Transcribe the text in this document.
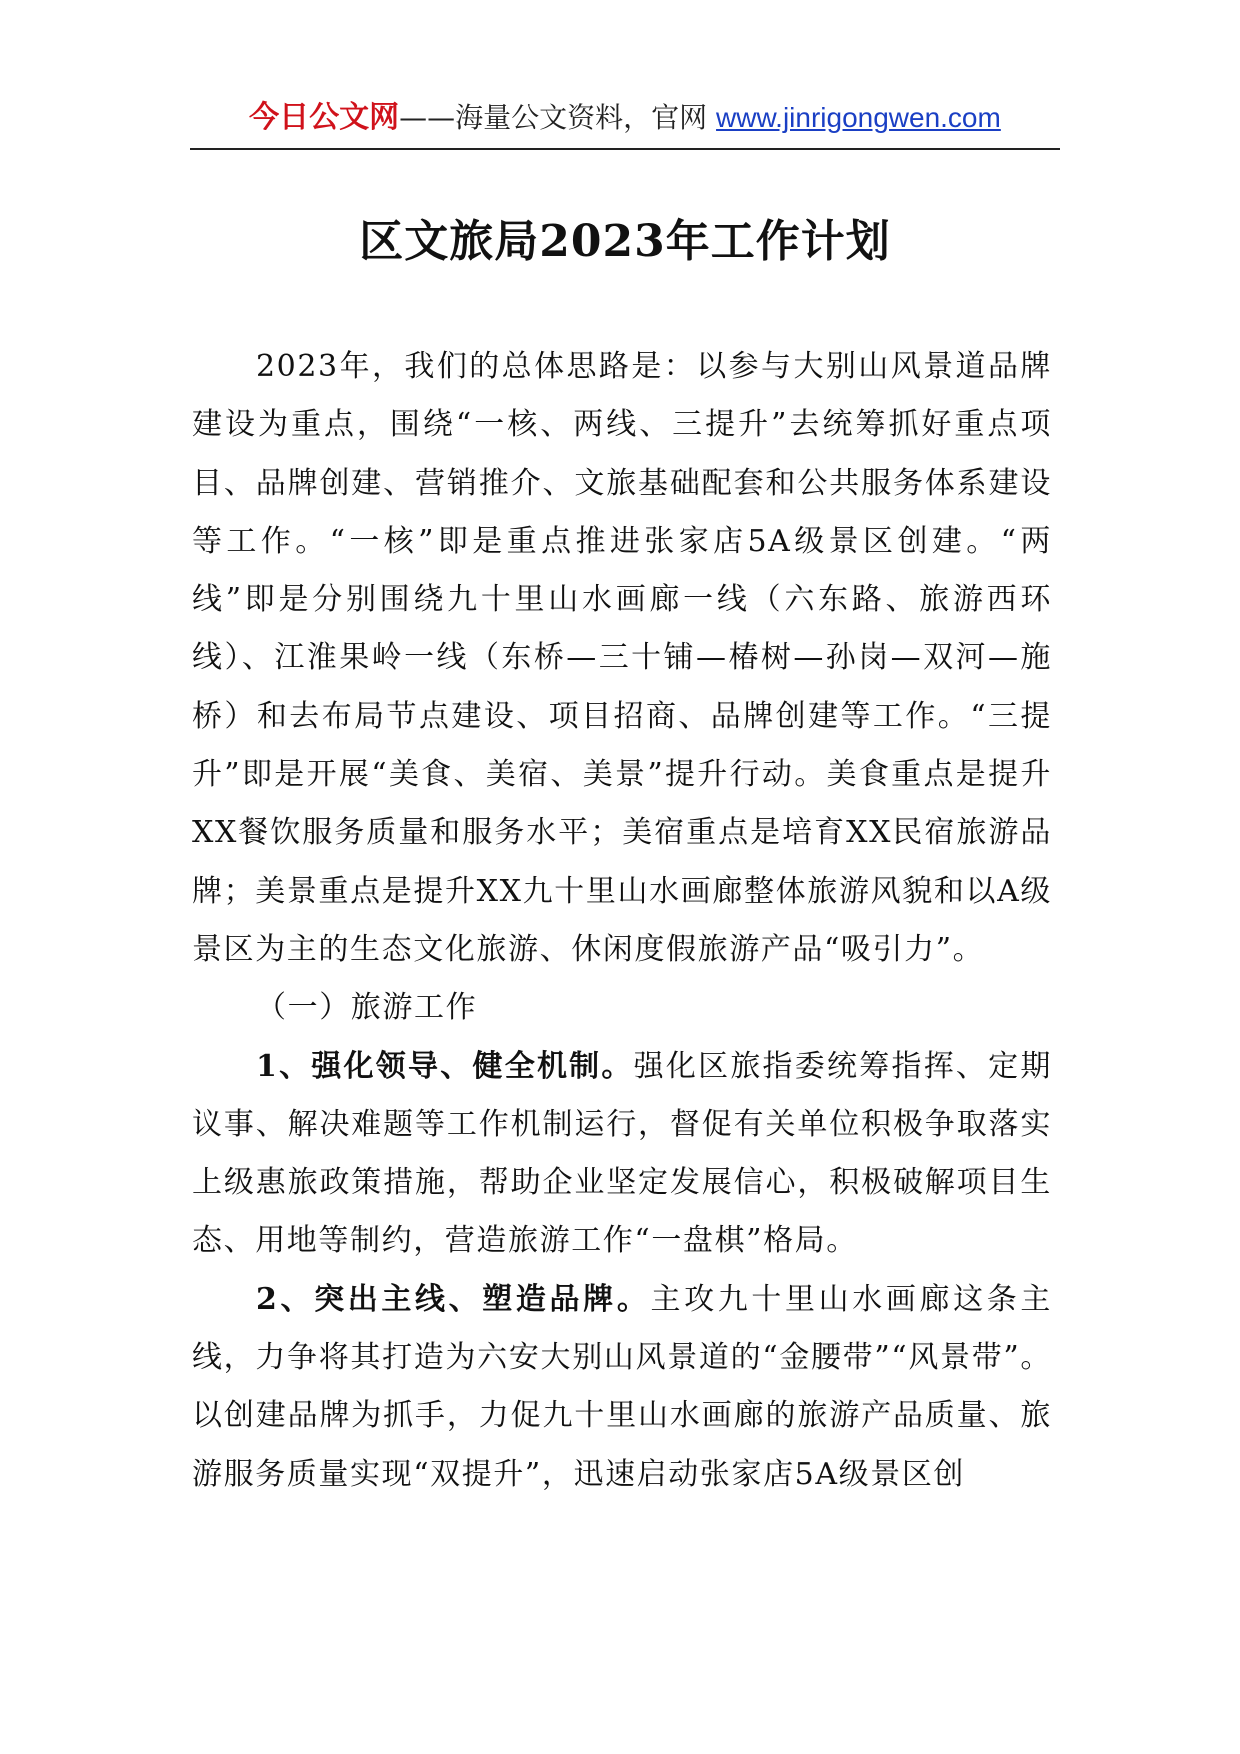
今日公文网——海量公文资料，官网 www.jinrigongwen.com
区文旅局2023年工作计划

2023年，我们的总体思路是：以参与大别山风景道品牌建设为重点，围绕“一核、两线、三提升”去统筹抓好重点项目、品牌创建、营销推介、文旅基础配套和公共服务体系建设等工作。“一核”即是重点推进张家店5A级景区创建。“两线”即是分别围绕九十里山水画廊一线（六东路、旅游西环线）、江淮果岭一线（东桥—三十铺—椿树—孙岗—双河—施桥）和去布局节点建设、项目招商、品牌创建等工作。“三提升”即是开展“美食、美宿、美景”提升行动。美食重点是提升XX餐饮服务质量和服务水平；美宿重点是培育XX民宿旅游品牌；美景重点是提升XX九十里山水画廊整体旅游风貌和以A级景区为主的生态文化旅游、休闲度假旅游产品“吸引力”。

（一）旅游工作

1、强化领导、健全机制。强化区旅指委统筹指挥、定期议事、解决难题等工作机制运行，督促有关单位积极争取落实上级惠旅政策措施，帮助企业坚定发展信心，积极破解项目生态、用地等制约，营造旅游工作“一盘棋”格局。

2、突出主线、塑造品牌。主攻九十里山水画廊这条主线，力争将其打造为六安大别山风景道的“金腰带”“风景带”。以创建品牌为抓手，力促九十里山水画廊的旅游产品质量、旅游服务质量实现“双提升”，迅速启动张家店5A级景区创
